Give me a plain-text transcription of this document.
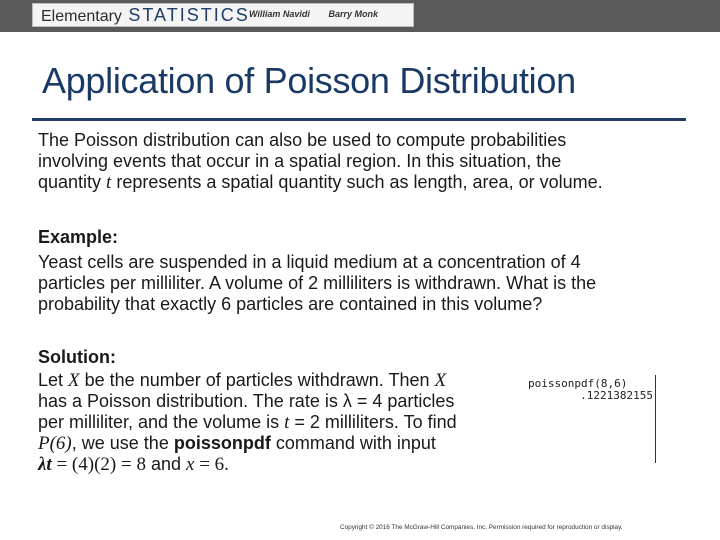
Elementary STATISTICS William Navidi Barry Monk
Application of Poisson Distribution

The Poisson distribution can also be used to compute probabilities
involving events that occur in a spatial region. In this situation, the
quantity t represents a spatial quantity such as length, area, or volume.

Example:

Yeast cells are suspended in a liquid medium at a concentration of 4
particles per milliliter. A volume of 2 milliliters is withdrawn. What is the
probability that exactly 6 particles are contained in this volume?

Solution:

Let X be the number of particles withdrawn. Then X
has a Poisson distribution. The rate is λ = 4 particles
per milliliter, and the volume is t = 2 milliliters. To find
P(6), we use the poissonpdf command with input
λt = (4)(2) = 8 and x = 6.

poissonpdf(8,6)
.1221382155
Copyright © 2016 The McGraw-Hill Companies, Inc. Permission required for reproduction or display.
